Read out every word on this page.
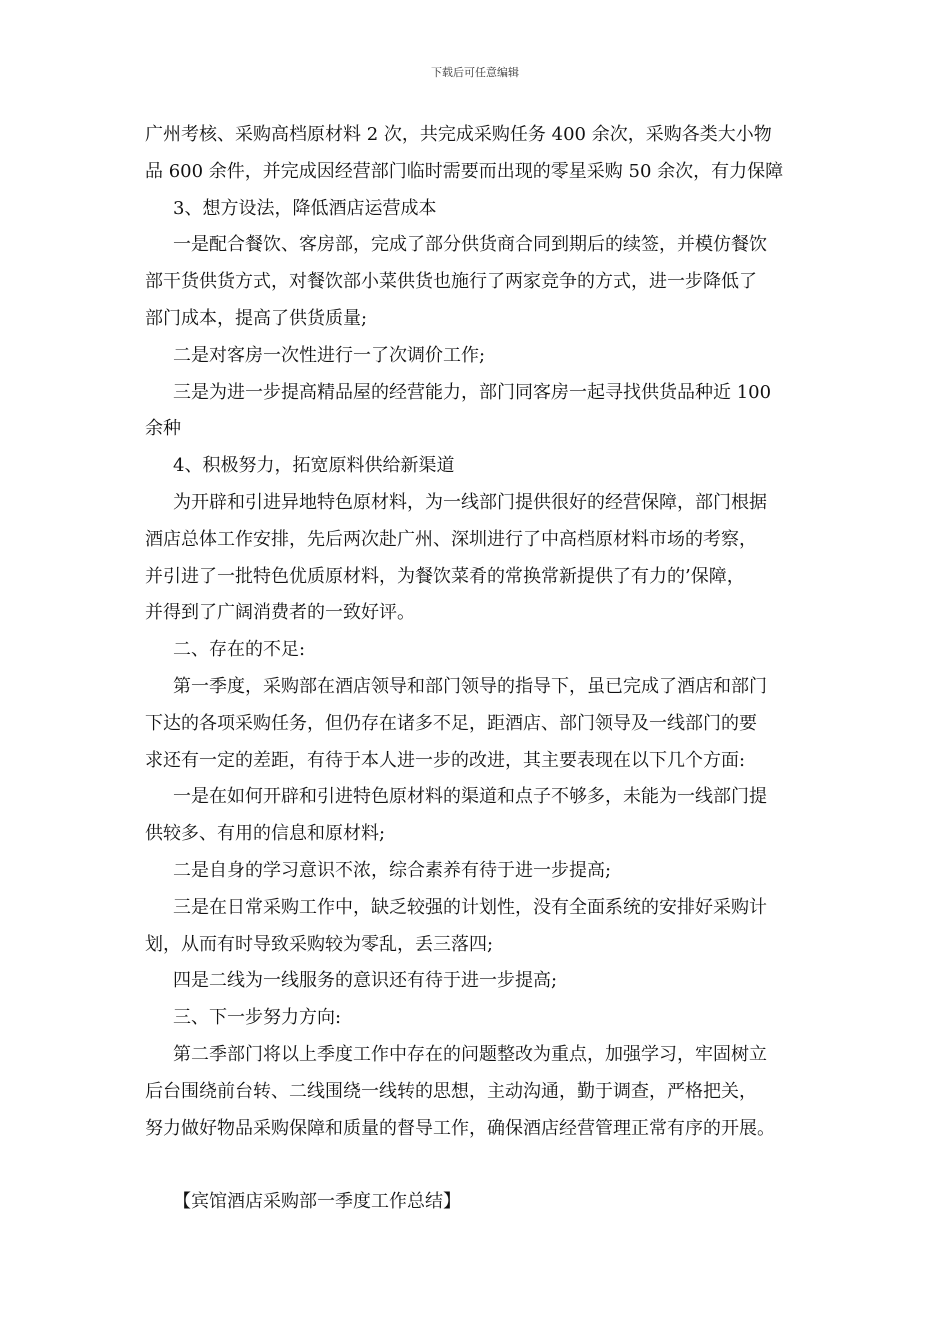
下载后可任意编辑
广州考核、采购高档原材料 2 次，共完成采购任务 400 余次，采购各类大小物
品 600 余件，并完成因经营部门临时需要而出现的零星采购 50 余次，有力保障
3、想方设法，降低酒店运营成本
一是配合餐饮、客房部，完成了部分供货商合同到期后的续签，并模仿餐饮
部干货供货方式，对餐饮部小菜供货也施行了两家竞争的方式，进一步降低了
部门成本，提高了供货质量;
二是对客房一次性进行一了次调价工作;
三是为进一步提高精品屋的经营能力，部门同客房一起寻找供货品种近 100
余种
4、积极努力，拓宽原料供给新渠道
为开辟和引进异地特色原材料，为一线部门提供很好的经营保障，部门根据
酒店总体工作安排，先后两次赴广州、深圳进行了中高档原材料市场的考察，
并引进了一批特色优质原材料，为餐饮菜肴的常换常新提供了有力的’保障，
并得到了广阔消费者的一致好评。
二、存在的不足:
第一季度，采购部在酒店领导和部门领导的指导下，虽已完成了酒店和部门
下达的各项采购任务，但仍存在诸多不足，距酒店、部门领导及一线部门的要
求还有一定的差距，有待于本人进一步的改进，其主要表现在以下几个方面:
一是在如何开辟和引进特色原材料的渠道和点子不够多，未能为一线部门提
供较多、有用的信息和原材料;
二是自身的学习意识不浓，综合素养有待于进一步提高;
三是在日常采购工作中，缺乏较强的计划性，没有全面系统的安排好采购计
划，从而有时导致采购较为零乱，丢三落四;
四是二线为一线服务的意识还有待于进一步提高;
三、下一步努力方向:
第二季部门将以上季度工作中存在的问题整改为重点，加强学习，牢固树立
后台围绕前台转、二线围绕一线转的思想，主动沟通，勤于调查，严格把关，
努力做好物品采购保障和质量的督导工作，确保酒店经营管理正常有序的开展。
【宾馆酒店采购部一季度工作总结】
